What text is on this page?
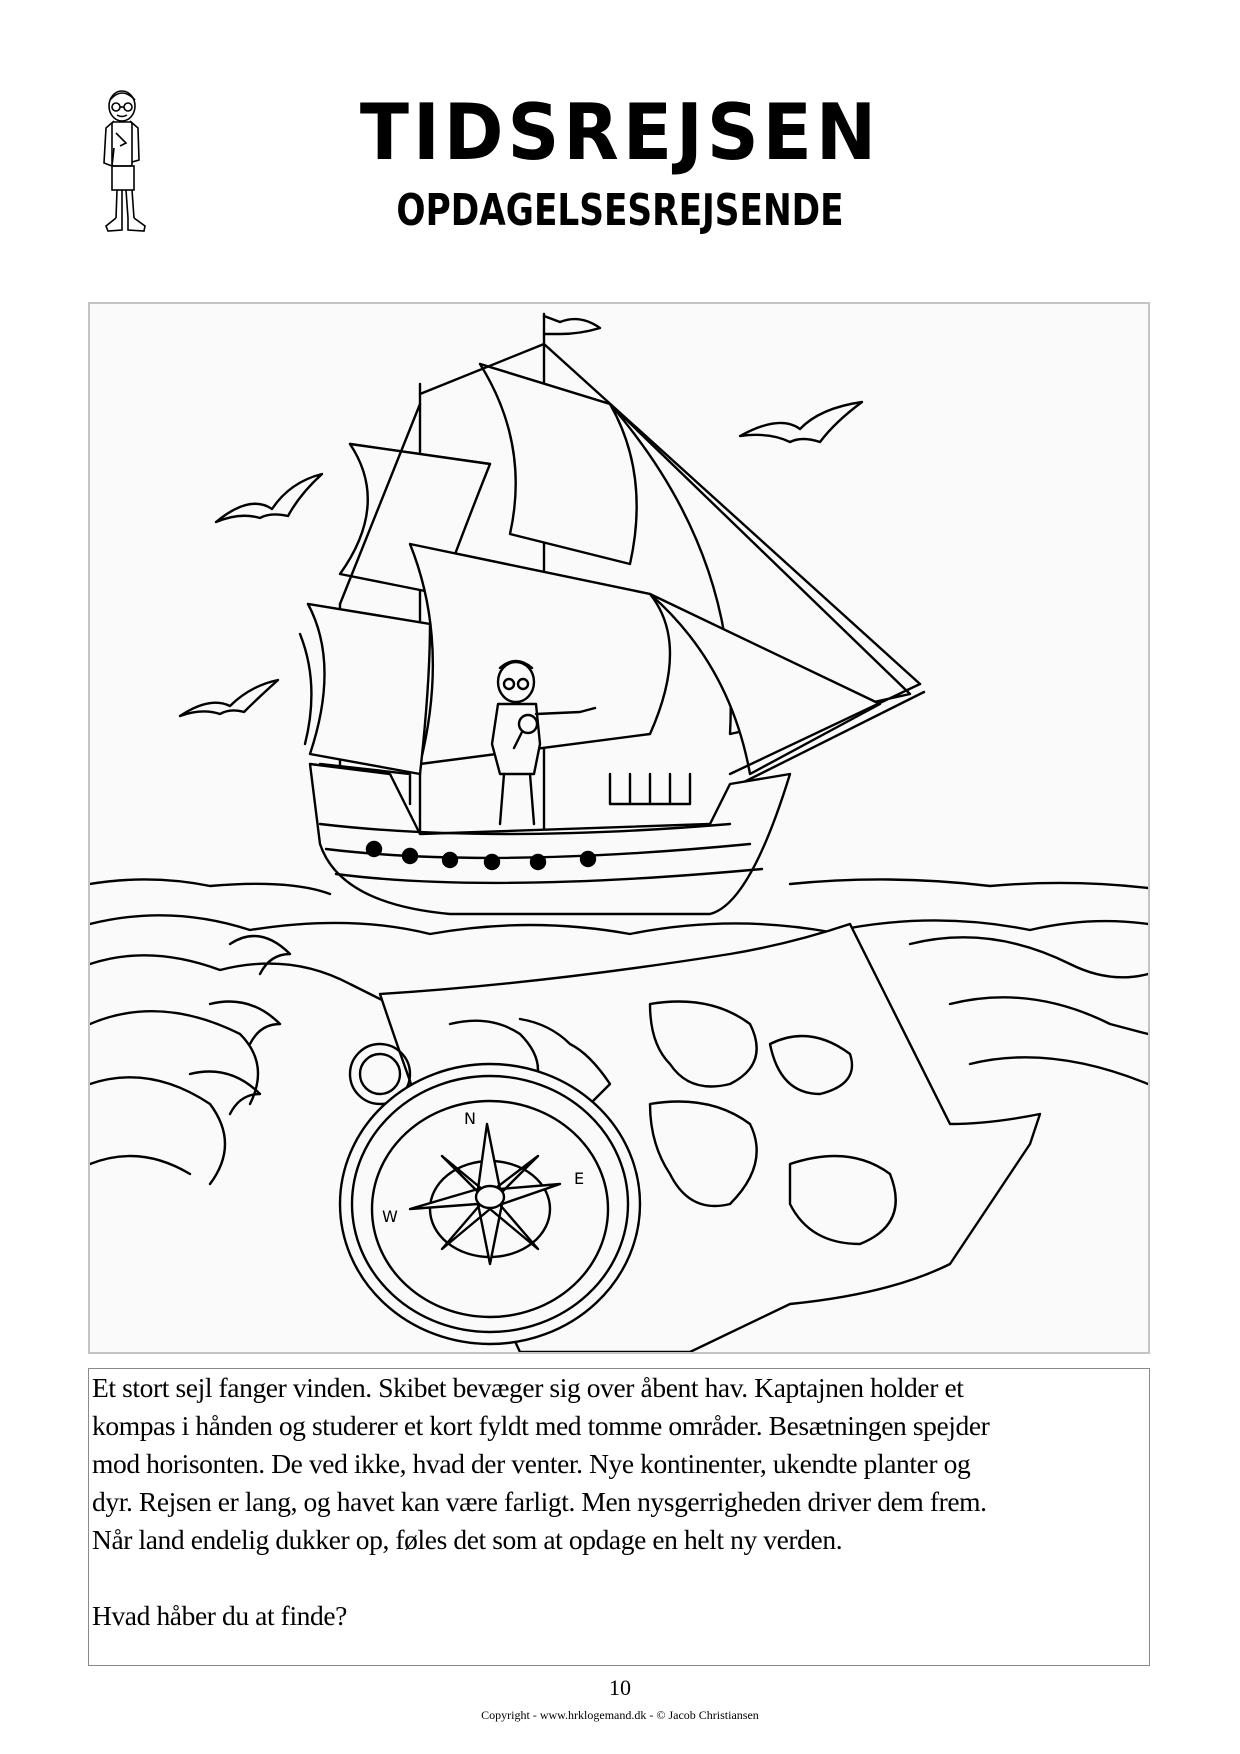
TIDSREJSEN
OPDAGELSESREJSENDE
N
E
W

Et stort sejl fanger vinden. Skibet bevæger sig over åbent hav. Kaptajnen holder et
kompas i hånden og studerer et kort fyldt med tomme områder. Besætningen spejder
mod horisonten. De ved ikke, hvad der venter. Nye kontinenter, ukendte planter og
dyr. Rejsen er lang, og havet kan være farligt. Men nysgerrigheden driver dem frem.
Når land endelig dukker op, føles det som at opdage en helt ny verden.

Hvad håber du at finde?

10
Copyright - www.hrklogemand.dk - © Jacob Christiansen
